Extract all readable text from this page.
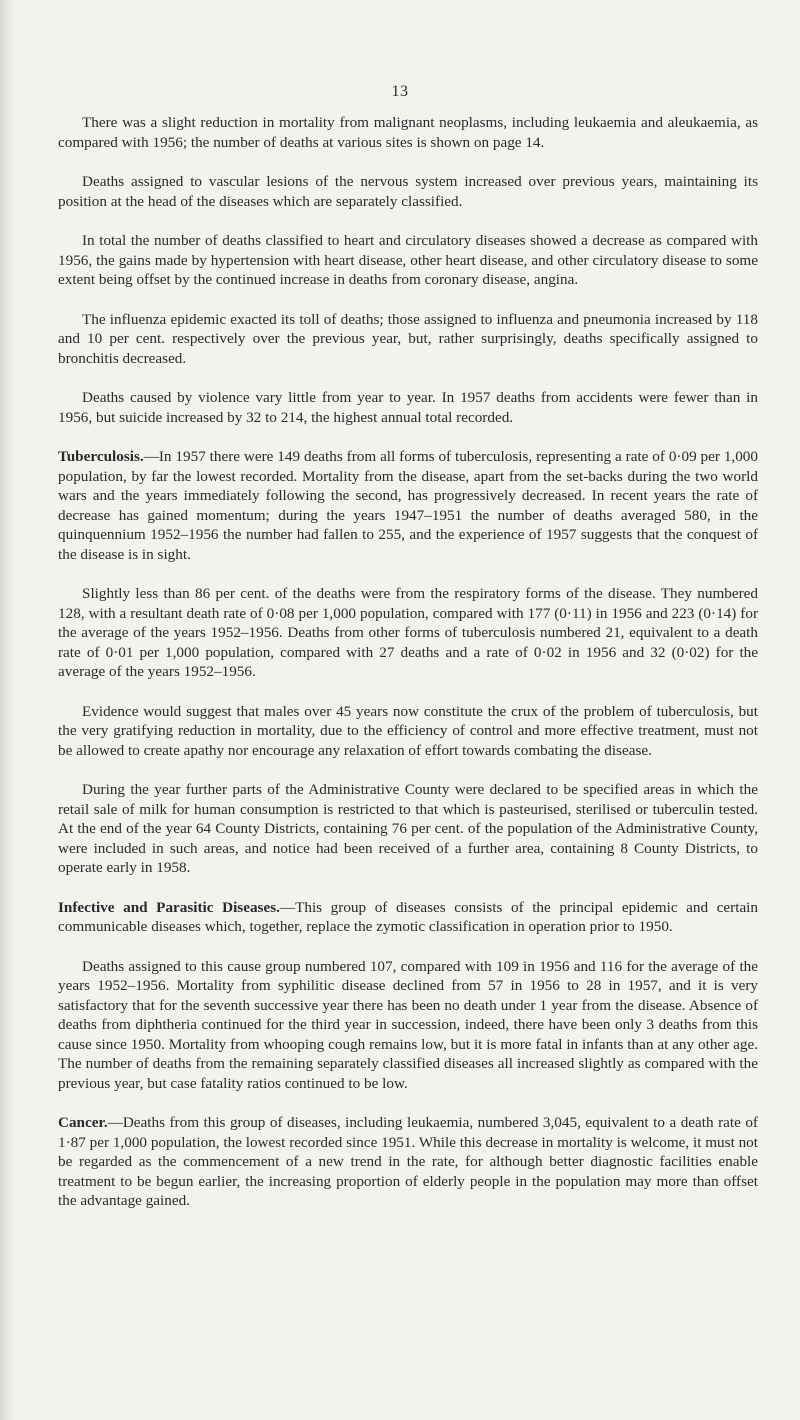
13

There was a slight reduction in mortality from malignant neoplasms, including leukaemia and aleukaemia, as compared with 1956; the number of deaths at various sites is shown on page 14.

Deaths assigned to vascular lesions of the nervous system increased over previous years, maintaining its position at the head of the diseases which are separately classified.

In total the number of deaths classified to heart and circulatory diseases showed a decrease as compared with 1956, the gains made by hypertension with heart disease, other heart disease, and other circulatory disease to some extent being offset by the continued increase in deaths from coronary disease, angina.

The influenza epidemic exacted its toll of deaths; those assigned to influenza and pneumonia increased by 118 and 10 per cent. respectively over the previous year, but, rather surprisingly, deaths specifically assigned to bronchitis decreased.

Deaths caused by violence vary little from year to year. In 1957 deaths from accidents were fewer than in 1956, but suicide increased by 32 to 214, the highest annual total recorded.

Tuberculosis.—In 1957 there were 149 deaths from all forms of tuberculosis, representing a rate of 0·09 per 1,000 population, by far the lowest recorded. Mortality from the disease, apart from the set-backs during the two world wars and the years immediately following the second, has progressively decreased. In recent years the rate of decrease has gained momentum; during the years 1947–1951 the number of deaths averaged 580, in the quinquennium 1952–1956 the number had fallen to 255, and the experience of 1957 suggests that the conquest of the disease is in sight.

Slightly less than 86 per cent. of the deaths were from the respiratory forms of the disease. They numbered 128, with a resultant death rate of 0·08 per 1,000 population, compared with 177 (0·11) in 1956 and 223 (0·14) for the average of the years 1952–1956. Deaths from other forms of tuberculosis numbered 21, equivalent to a death rate of 0·01 per 1,000 population, compared with 27 deaths and a rate of 0·02 in 1956 and 32 (0·02) for the average of the years 1952–1956.

Evidence would suggest that males over 45 years now constitute the crux of the problem of tuberculosis, but the very gratifying reduction in mortality, due to the efficiency of control and more effective treatment, must not be allowed to create apathy nor encourage any relaxation of effort towards combating the disease.

During the year further parts of the Administrative County were declared to be specified areas in which the retail sale of milk for human consumption is restricted to that which is pasteurised, sterilised or tuberculin tested. At the end of the year 64 County Districts, containing 76 per cent. of the population of the Administrative County, were included in such areas, and notice had been received of a further area, containing 8 County Districts, to operate early in 1958.

Infective and Parasitic Diseases.—This group of diseases consists of the principal epidemic and certain communicable diseases which, together, replace the zymotic classification in operation prior to 1950.

Deaths assigned to this cause group numbered 107, compared with 109 in 1956 and 116 for the average of the years 1952–1956. Mortality from syphilitic disease declined from 57 in 1956 to 28 in 1957, and it is very satisfactory that for the seventh successive year there has been no death under 1 year from the disease. Absence of deaths from diphtheria continued for the third year in succession, indeed, there have been only 3 deaths from this cause since 1950. Mortality from whooping cough remains low, but it is more fatal in infants than at any other age. The number of deaths from the remaining separately classified diseases all increased slightly as compared with the previous year, but case fatality ratios continued to be low.

Cancer.—Deaths from this group of diseases, including leukaemia, numbered 3,045, equivalent to a death rate of 1·87 per 1,000 population, the lowest recorded since 1951. While this decrease in mortality is welcome, it must not be regarded as the commencement of a new trend in the rate, for although better diagnostic facilities enable treatment to be begun earlier, the increasing proportion of elderly people in the population may more than offset the advantage gained.
